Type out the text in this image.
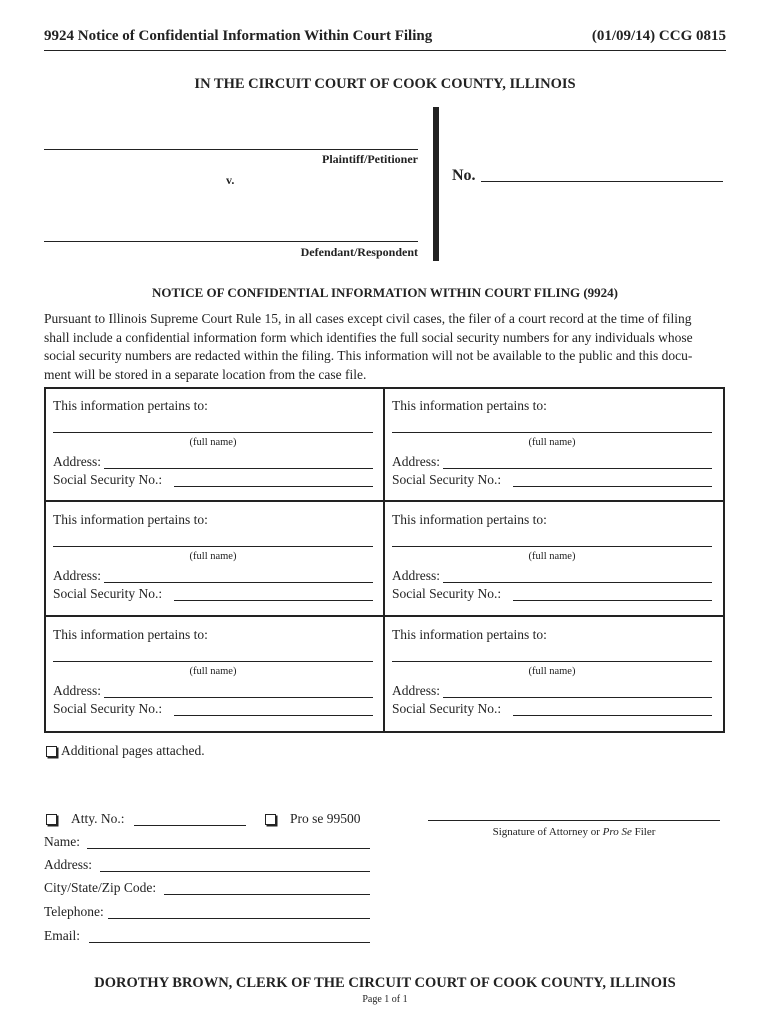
9924 Notice of Confidential Information Within Court Filing	(01/09/14) CCG 0815
IN THE CIRCUIT COURT OF COOK COUNTY, ILLINOIS
Plaintiff/Petitioner
v.
Defendant/Respondent
No.
NOTICE OF CONFIDENTIAL INFORMATION WITHIN COURT FILING (9924)
Pursuant to Illinois Supreme Court Rule 15, in all cases except civil cases, the filer of a court record at the time of filing
shall include a confidential information form which identifies the full social security numbers for any individuals whose
social security numbers are redacted within the filing. This information will not be available to the public and this docu-
ment will be stored in a separate location from the case file.
This information pertains to:
(full name)
Address:
Social Security No.:
This information pertains to:
(full name)
Address:
Social Security No.:
This information pertains to:
(full name)
Address:
Social Security No.:
This information pertains to:
(full name)
Address:
Social Security No.:
This information pertains to:
(full name)
Address:
Social Security No.:
This information pertains to:
(full name)
Address:
Social Security No.:
Additional pages attached.
Atty. No.:	Pro se 99500
Name:
Address:
City/State/Zip Code:
Telephone:
Email:
Signature of Attorney or Pro Se Filer
DOROTHY BROWN, CLERK OF THE CIRCUIT COURT OF COOK COUNTY, ILLINOIS
Page 1 of 1
